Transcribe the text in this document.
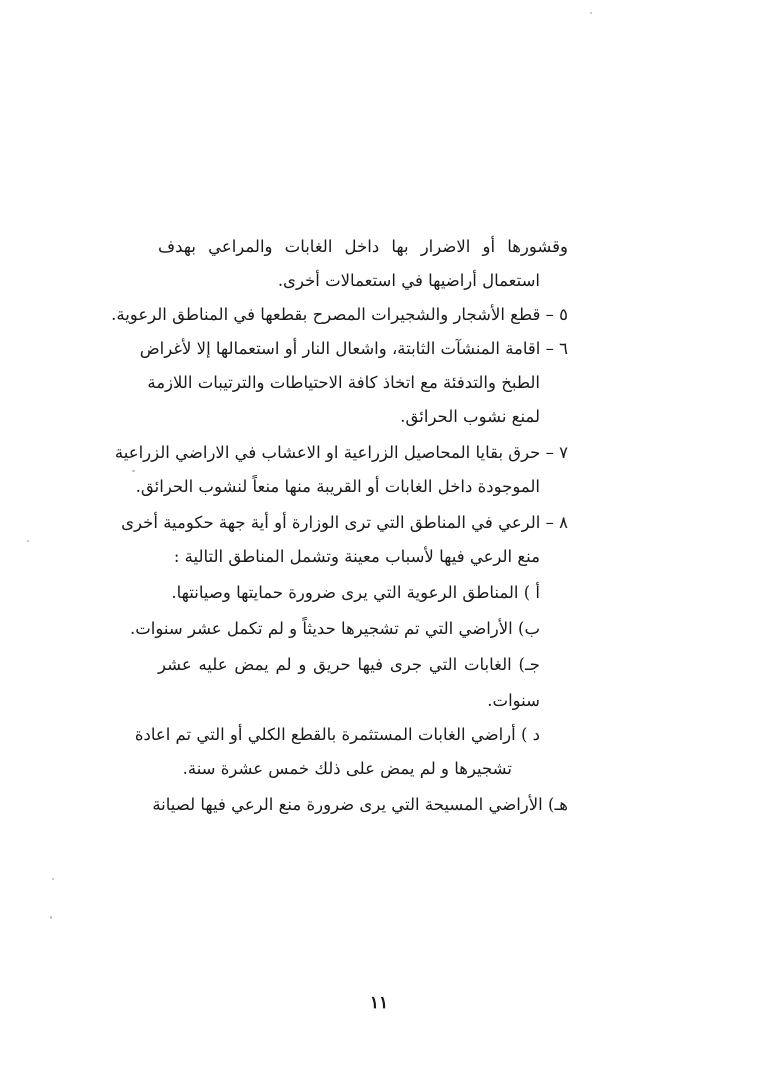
وقشورها أو الاضرار بها داخل الغابات والمراعي بهدف
استعمال أراضيها في استعمالات أخرى.
٥ – قطع الأشجار والشجيرات المصرح بقطعها في المناطق الرعوية.
٦ – اقامة المنشآت الثابتة، واشعال النار أو استعمالها إلا لأغراض
الطبخ والتدفئة مع اتخاذ كافة الاحتياطات والترتيبات اللازمة
لمنع نشوب الحرائق.
٧ – حرق بقايا المحاصيل الزراعية او الاعشاب في الاراضي الزراعية
الموجودة داخل الغابات أو القريبة منها منعاً لنشوب الحرائق.
٨ – الرعي في المناطق التي ترى الوزارة أو أية جهة حكومية أخرى
منع الرعي فيها لأسباب معينة وتشمل المناطق التالية :
أ ) المناطق الرعوية التي يرى ضرورة حمايتها وصيانتها.
ب) الأراضي التي تم تشجيرها حديثاً و لم تكمل عشر سنوات.
جـ) الغابات التي جرى فيها حريق و لم يمض عليه عشر
سنوات.
د ) أراضي الغابات المستثمرة بالقطع الكلي أو التي تم اعادة
تشجيرها و لم يمض على ذلك خمس عشرة سنة.
هـ) الأراضي المسيحة التي يرى ضرورة منع الرعي فيها لصيانة
١١
